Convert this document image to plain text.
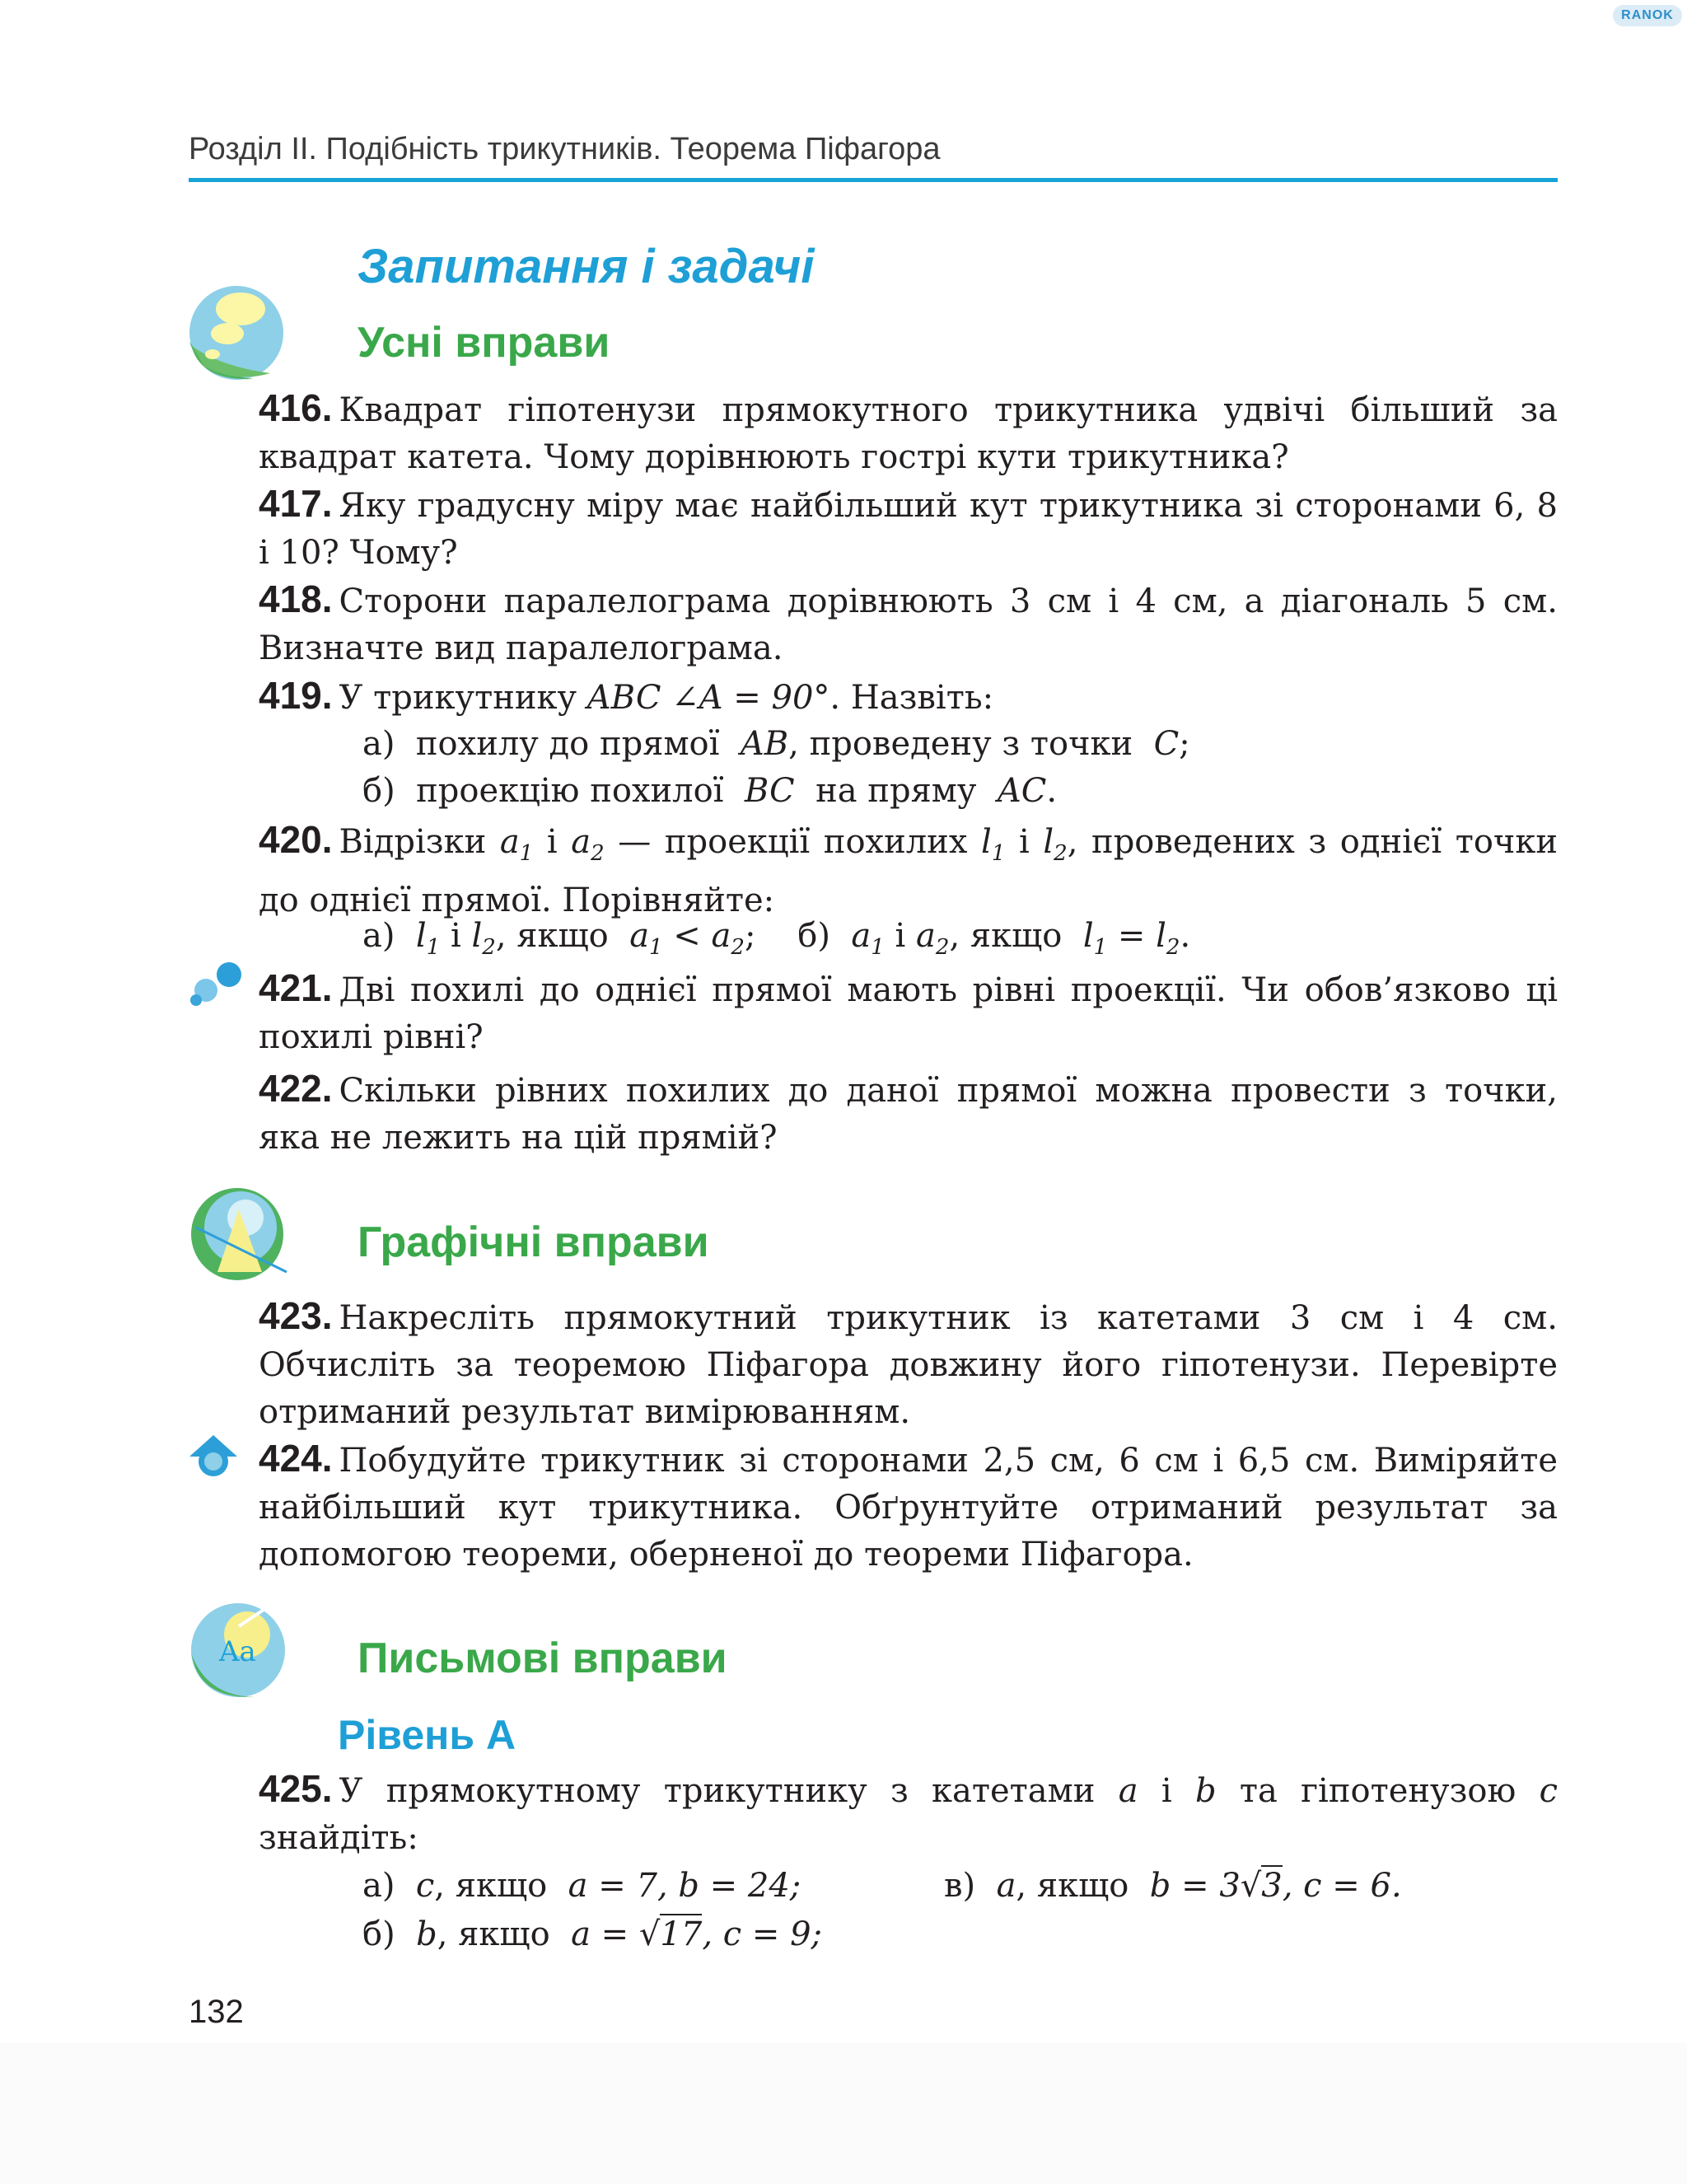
RANOK
Розділ II. Подібність трикутників. Теорема Піфагора
Запитання і задачі
Усні вправи
416. Квадрат гіпотенузи прямокутного трикутника удвічі більший за квадрат катета. Чому дорівнюють гострі кути трикутника?
417. Яку градусну міру має найбільший кут трикутника зі сторонами 6, 8 і 10? Чому?
418. Сторони паралелограма дорівнюють 3 см і 4 см, а діагональ 5 см. Визначте вид паралелограма.
419. У трикутнику ABC ∠A = 90°. Назвіть:
а) похилу до прямої AB, проведену з точки C;
б) проекцію похилої BC на пряму AC.
420. Відрізки $a_1$ і $a_2$ — проекції похилих $l_1$ і $l_2$, проведених з однієї точки до однієї прямої. Порівняйте:
а) $l_1$ і $l_2$, якщо $a_1 < a_2$;    б) $a_1$ і $a_2$, якщо $l_1 = l_2$.
421. Дві похилі до однієї прямої мають рівні проекції. Чи обов’язково ці похилі рівні?
422. Скільки рівних похилих до даної прямої можна провести з точки, яка не лежить на цій прямій?
Графічні вправи
423. Накресліть прямокутний трикутник із катетами 3 см і 4 см. Обчисліть за теоремою Піфагора довжину його гіпотенузи. Перевірте отриманий результат вимірюванням.
424. Побудуйте трикутник зі сторонами 2,5 см, 6 см і 6,5 см. Виміряйте найбільший кут трикутника. Обґрунтуйте отриманий результат за допомогою теореми, оберненої до теореми Піфагора.
Aa Письмові вправи
Рівень А
425. У прямокутному трикутнику з катетами a і b та гіпотенузою c знайдіть:
а) c, якщо a = 7, b = 24;	в) a, якщо b = 3√3, c = 6.
б) b, якщо a = √17, c = 9;
132
